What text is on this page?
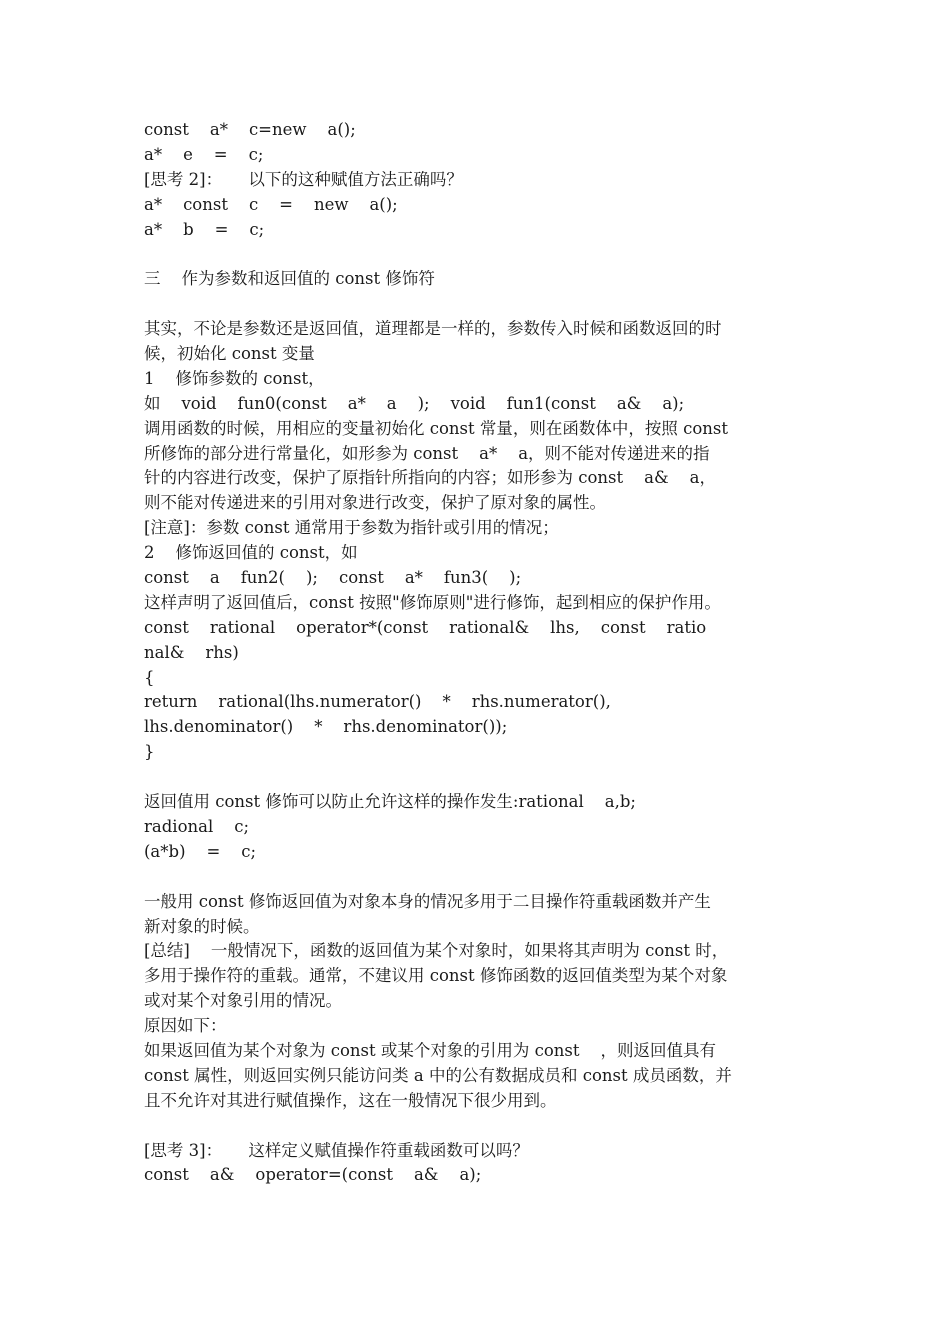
const    a*    c=new    a();
a*    e    =    c;
[思考 2]：     以下的这种赋值方法正确吗？
a*    const    c    =    new    a();
a*    b    =    c;
三    作为参数和返回值的 const 修饰符
其实，不论是参数还是返回值，道理都是一样的，参数传入时候和函数返回的时
候，初始化 const 变量
1    修饰参数的 const，
如    void    fun0(const    a*    a    );    void    fun1(const    a&    a);
调用函数的时候，用相应的变量初始化 const 常量，则在函数体中，按照 const
所修饰的部分进行常量化，如形参为 const    a*    a，则不能对传递进来的指
针的内容进行改变，保护了原指针所指向的内容；如形参为 const    a&    a，
则不能对传递进来的引用对象进行改变，保护了原对象的属性。
[注意]：参数 const 通常用于参数为指针或引用的情况；
2    修饰返回值的 const，如
const    a    fun2(    );    const    a*    fun3(    );
这样声明了返回值后，const 按照"修饰原则"进行修饰，起到相应的保护作用。
const    rational    operator*(const    rational&    lhs,    const    ratio
nal&    rhs)
{
return    rational(lhs.numerator()    *    rhs.numerator(),
lhs.denominator()    *    rhs.denominator());
}
返回值用 const 修饰可以防止允许这样的操作发生:rational    a,b;
radional    c;
(a*b)    =    c;
一般用 const 修饰返回值为对象本身的情况多用于二目操作符重载函数并产生
新对象的时候。
[总结]    一般情况下，函数的返回值为某个对象时，如果将其声明为 const 时，
多用于操作符的重载。通常，不建议用 const 修饰函数的返回值类型为某个对象
或对某个对象引用的情况。
原因如下：
如果返回值为某个对象为 const 或某个对象的引用为 const    ，则返回值具有
const 属性，则返回实例只能访问类 a 中的公有数据成员和 const 成员函数，并
且不允许对其进行赋值操作，这在一般情况下很少用到。
[思考 3]：     这样定义赋值操作符重载函数可以吗？
const    a&    operator=(const    a&    a);
